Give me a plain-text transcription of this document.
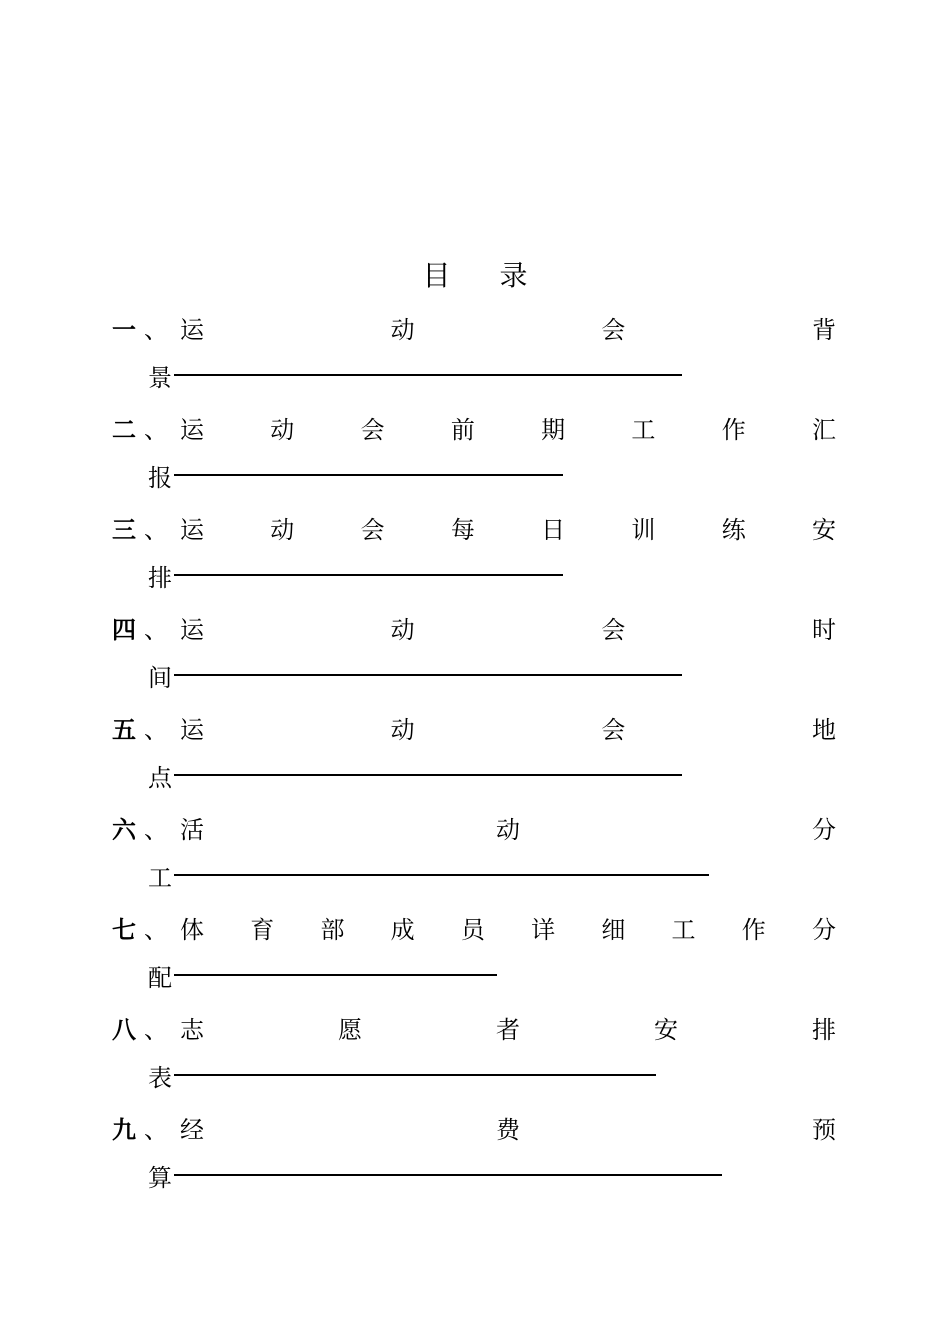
目 录
一 、 运	动	会	背
景
二 、 运	动	会	前	期	工	作	汇
报
三 、 运	动	会	每	日	训	练	安
排
四 、 运	动	会	时
间
五 、 运	动	会	地
点
六 、 活	动	分
工
七 、 体 育 部 成 员 详 细 工 作 分
配
八 、 志	愿	者	安	排
表
九 、 经	费	预
算
